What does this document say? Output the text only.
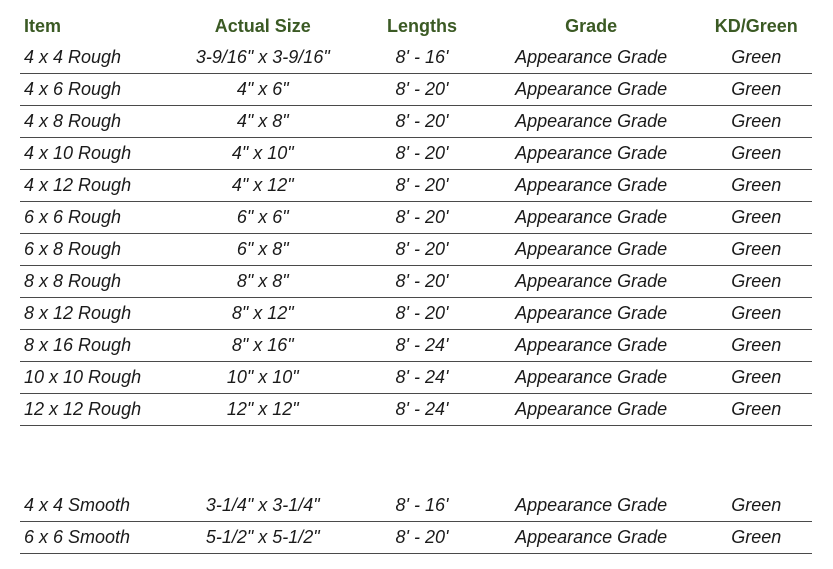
Item	Actual Size	Lengths	Grade	KD/Green
4 x 4 Rough	3-9/16" x 3-9/16"	8' - 16'	Appearance Grade	Green
4 x 6 Rough	4" x 6"	8' - 20'	Appearance Grade	Green
4 x 8 Rough	4" x 8"	8' - 20'	Appearance Grade	Green
4 x 10 Rough	4" x 10"	8' - 20'	Appearance Grade	Green
4 x 12 Rough	4" x 12"	8' - 20'	Appearance Grade	Green
6 x 6 Rough	6" x 6"	8' - 20'	Appearance Grade	Green
6 x 8 Rough	6" x 8"	8' - 20'	Appearance Grade	Green
8 x 8 Rough	8" x 8"	8' - 20'	Appearance Grade	Green
8 x 12 Rough	8" x 12"	8' - 20'	Appearance Grade	Green
8 x 16 Rough	8" x 16"	8' - 24'	Appearance Grade	Green
10 x 10 Rough	10" x 10"	8' - 24'	Appearance Grade	Green
12 x 12 Rough	12" x 12"	8' - 24'	Appearance Grade	Green
4 x 4 Smooth	3-1/4" x 3-1/4"	8' - 16'	Appearance Grade	Green
6 x 6 Smooth	5-1/2" x 5-1/2"	8' - 20'	Appearance Grade	Green
